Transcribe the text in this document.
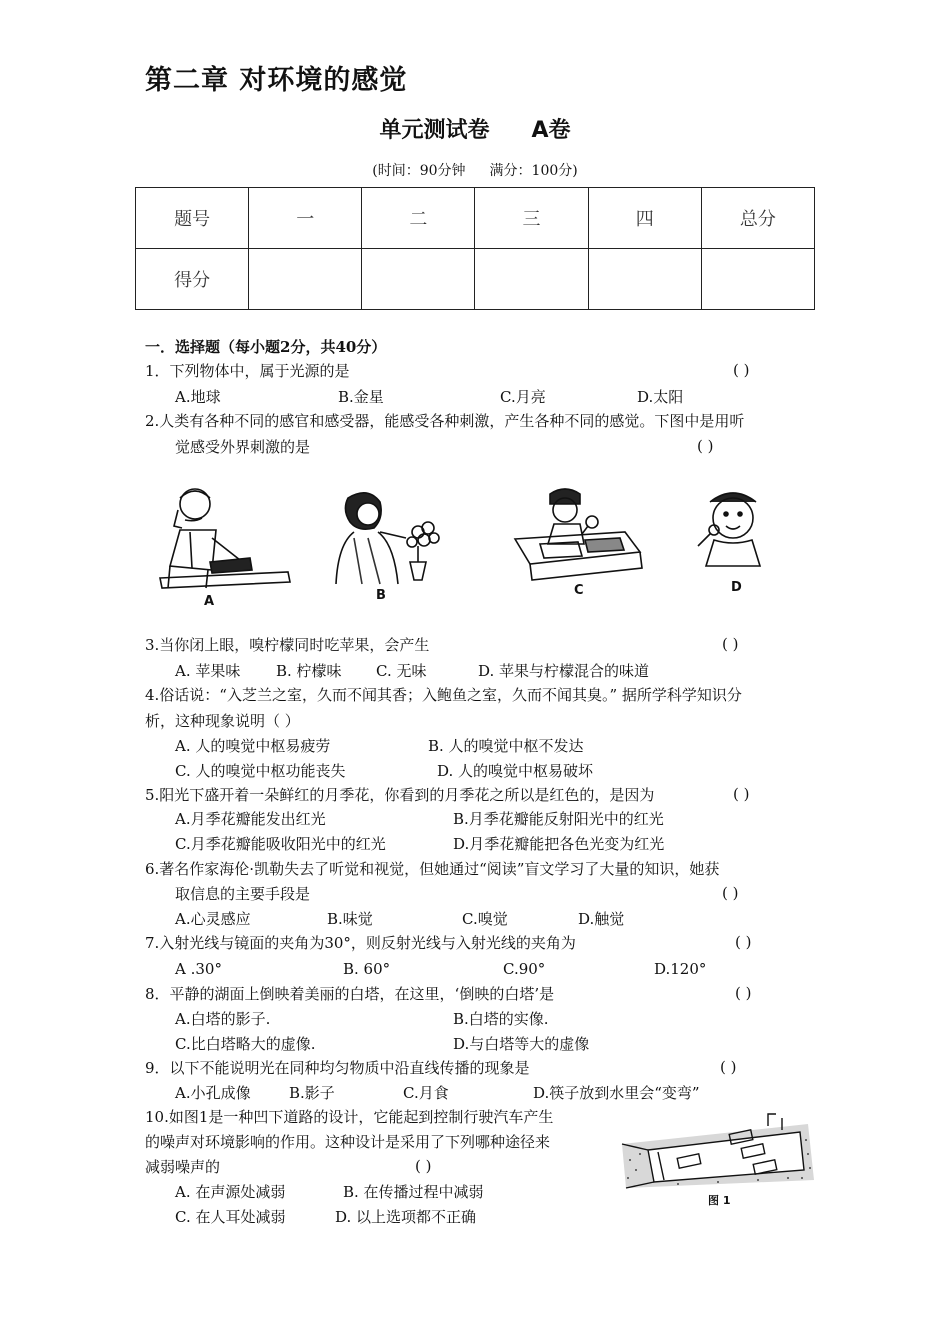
第二章 对环境的感觉
单元测试卷 A卷
(时间：90分钟 满分：100分)
题号	一	二	三	四	总分
得分					
一．选择题（每小题2分，共40分）
1．下列物体中，属于光源的是	( )
A.地球	B.金星	C.月亮	D.太阳
2.人类有各种不同的感官和感受器，能感受各种刺激，产生各种不同的感觉。下图中是用听
觉感受外界刺激的是	( )
A	B	C	D
3.当你闭上眼，嗅柠檬同时吃苹果，会产生	( )
A. 苹果味 B. 柠檬味 C. 无味	D. 苹果与柠檬混合的味道
4.俗话说：“入芝兰之室，久而不闻其香；入鲍鱼之室，久而不闻其臭。” 据所学科学知识分
析，这种现象说明（ ）
A. 人的嗅觉中枢易疲劳	B. 人的嗅觉中枢不发达
C. 人的嗅觉中枢功能丧失	D. 人的嗅觉中枢易破坏
5.阳光下盛开着一朵鲜红的月季花，你看到的月季花之所以是红色的，是因为	( )
A.月季花瓣能发出红光	B.月季花瓣能反射阳光中的红光
C.月季花瓣能吸收阳光中的红光	D.月季花瓣能把各色光变为红光
6.著名作家海伦·凯勒失去了听觉和视觉，但她通过“阅读”盲文学习了大量的知识，她获
取信息的主要手段是	( )
A.心灵感应	B.味觉	C.嗅觉	D.触觉
7.入射光线与镜面的夹角为30°，则反射光线与入射光线的夹角为	( )
A .30°	B. 60°	C.90°	D.120°
8．平静的湖面上倒映着美丽的白塔，在这里，‘倒映的白塔’是	( )
A.白塔的影子.	B.白塔的实像.
C.比白塔略大的虚像.	D.与白塔等大的虚像
9．以下不能说明光在同种均匀物质中沿直线传播的现象是	( )
A.小孔成像	B.影子	C.月食	D.筷子放到水里会“变弯”
10.如图1是一种凹下道路的设计，它能起到控制行驶汽车产生
的噪声对环境影响的作用。这种设计是采用了下列哪种途径来
减弱噪声的	( )
A. 在声源处减弱	B. 在传播过程中减弱
C. 在人耳处减弱	D. 以上选项都不正确
图 1
